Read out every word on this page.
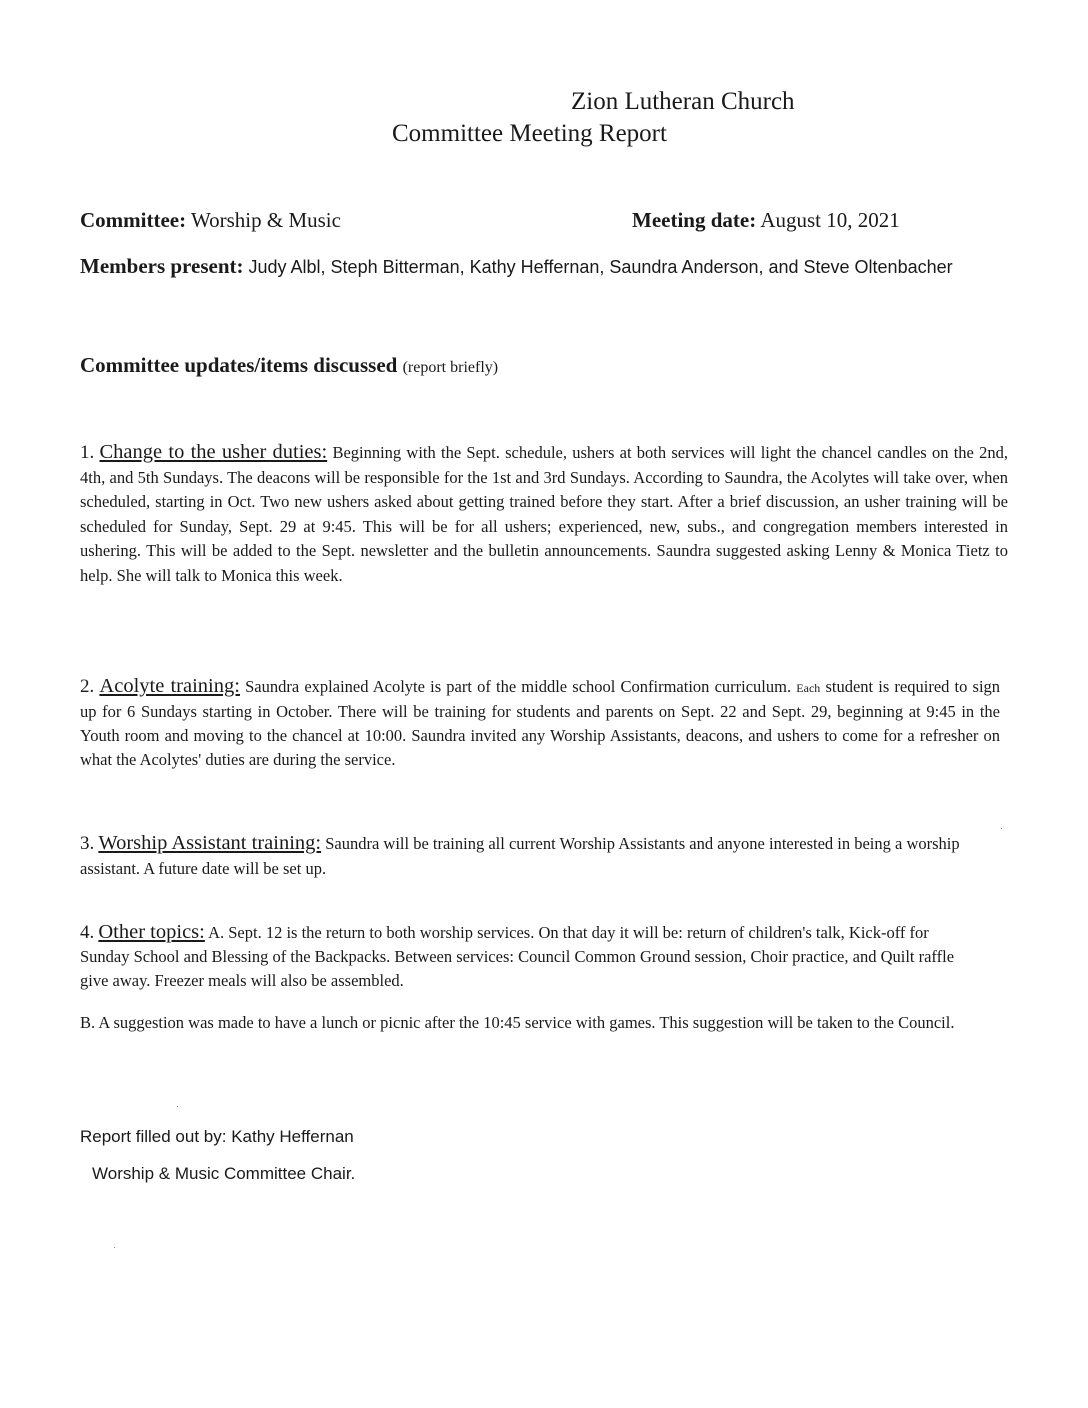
Zion Lutheran Church
Committee Meeting Report
Committee: Worship & Music	Meeting date: August 10, 2021
Members present: Judy Albl, Steph Bitterman, Kathy Heffernan, Saundra Anderson, and Steve Oltenbacher
Committee updates/items discussed (report briefly)

1. Change to the usher duties: Beginning with the Sept. schedule, ushers at both services will light the chancel candles on the 2nd, 4th, and 5th Sundays. The deacons will be responsible for the 1st and 3rd Sundays. According to Saundra, the Acolytes will take over, when scheduled, starting in Oct. Two new ushers asked about getting trained before they start. After a brief discussion, an usher training will be scheduled for Sunday, Sept. 29 at 9:45. This will be for all ushers; experienced, new, subs., and congregation members interested in ushering. This will be added to the Sept. newsletter and the bulletin announcements. Saundra suggested asking Lenny & Monica Tietz to help. She will talk to Monica this week.

2. Acolyte training: Saundra explained Acolyte is part of the middle school Confirmation curriculum. Each student is required to sign up for 6 Sundays starting in October. There will be training for students and parents on Sept. 22 and Sept. 29, beginning at 9:45 in the Youth room and moving to the chancel at 10:00. Saundra invited any Worship Assistants, deacons, and ushers to come for a refresher on what the Acolytes' duties are during the service.

3. Worship Assistant training: Saundra will be training all current Worship Assistants and anyone interested in being a worship assistant. A future date will be set up.

4. Other topics: A. Sept. 12 is the return to both worship services. On that day it will be: return of children's talk, Kick-off for Sunday School and Blessing of the Backpacks. Between services: Council Common Ground session, Choir practice, and Quilt raffle give away. Freezer meals will also be assembled.

B. A suggestion was made to have a lunch or picnic after the 10:45 service with games. This suggestion will be taken to the Council.

Report filled out by: Kathy Heffernan
Worship & Music Committee Chair.
